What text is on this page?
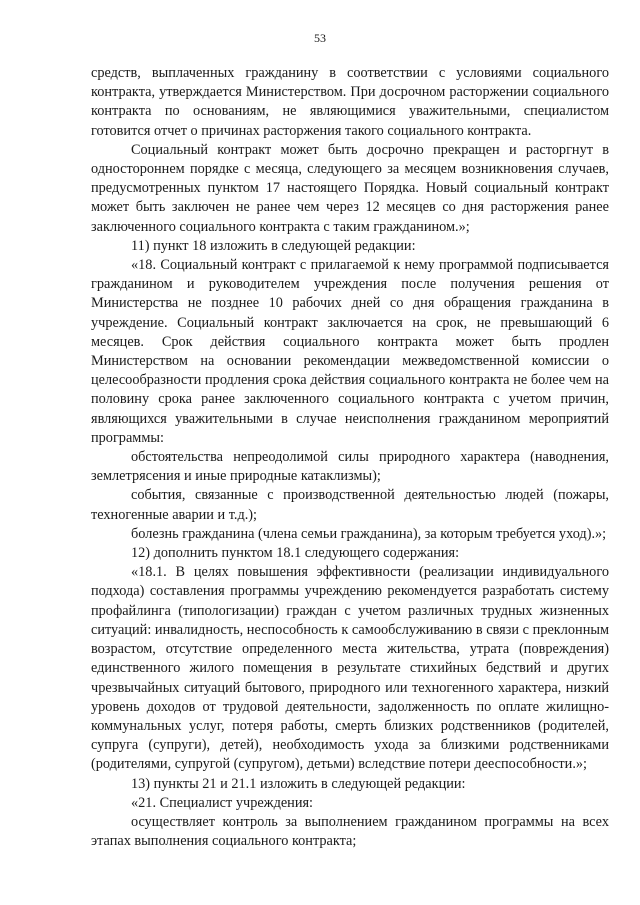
53

средств, выплаченных гражданину в соответствии с условиями социального контракта, утверждается Министерством. При досрочном расторжении социального контракта по основаниям, не являющимися уважительными, специалистом готовится отчет о причинах расторжения такого социального контракта.

Социальный контракт может быть досрочно прекращен и расторгнут в одностороннем порядке с месяца, следующего за месяцем возникновения случаев, предусмотренных пунктом 17 настоящего Порядка. Новый социальный контракт может быть заключен не ранее чем через 12 месяцев со дня расторжения ранее заключенного социального контракта с таким гражданином.»;

11) пункт 18 изложить в следующей редакции:

«18. Социальный контракт с прилагаемой к нему программой подписывается гражданином и руководителем учреждения после получения решения от Министерства не позднее 10 рабочих дней со дня обращения гражданина в учреждение. Социальный контракт заключается на срок, не превышающий 6 месяцев. Срок действия социального контракта может быть продлен Министерством на основании рекомендации межведомственной комиссии о целесообразности продления срока действия социального контракта не более чем на половину срока ранее заключенного социального контракта с учетом причин, являющихся уважительными в случае неисполнения гражданином мероприятий программы:

обстоятельства непреодолимой силы природного характера (наводнения, землетрясения и иные природные катаклизмы);

события, связанные с производственной деятельностью людей (пожары, техногенные аварии и т.д.);

болезнь гражданина (члена семьи гражданина), за которым требуется уход).»;

12) дополнить пунктом 18.1 следующего содержания:

«18.1. В целях повышения эффективности (реализации индивидуального подхода) составления программы учреждению рекомендуется разработать систему профайлинга (типологизации) граждан с учетом различных трудных жизненных ситуаций: инвалидность, неспособность к самообслуживанию в связи с преклонным возрастом, отсутствие определенного места жительства, утрата (повреждения) единственного жилого помещения в результате стихийных бедствий и других чрезвычайных ситуаций бытового, природного или техногенного характера, низкий уровень доходов от трудовой деятельности, задолженность по оплате жилищно-коммунальных услуг, потеря работы, смерть близких родственников (родителей, супруга (супруги), детей), необходимость ухода за близкими родственниками (родителями, супругой (супругом), детьми) вследствие потери дееспособности.»;

13) пункты 21 и 21.1 изложить в следующей редакции:

«21. Специалист учреждения:

осуществляет контроль за выполнением гражданином программы на всех этапах выполнения социального контракта;
